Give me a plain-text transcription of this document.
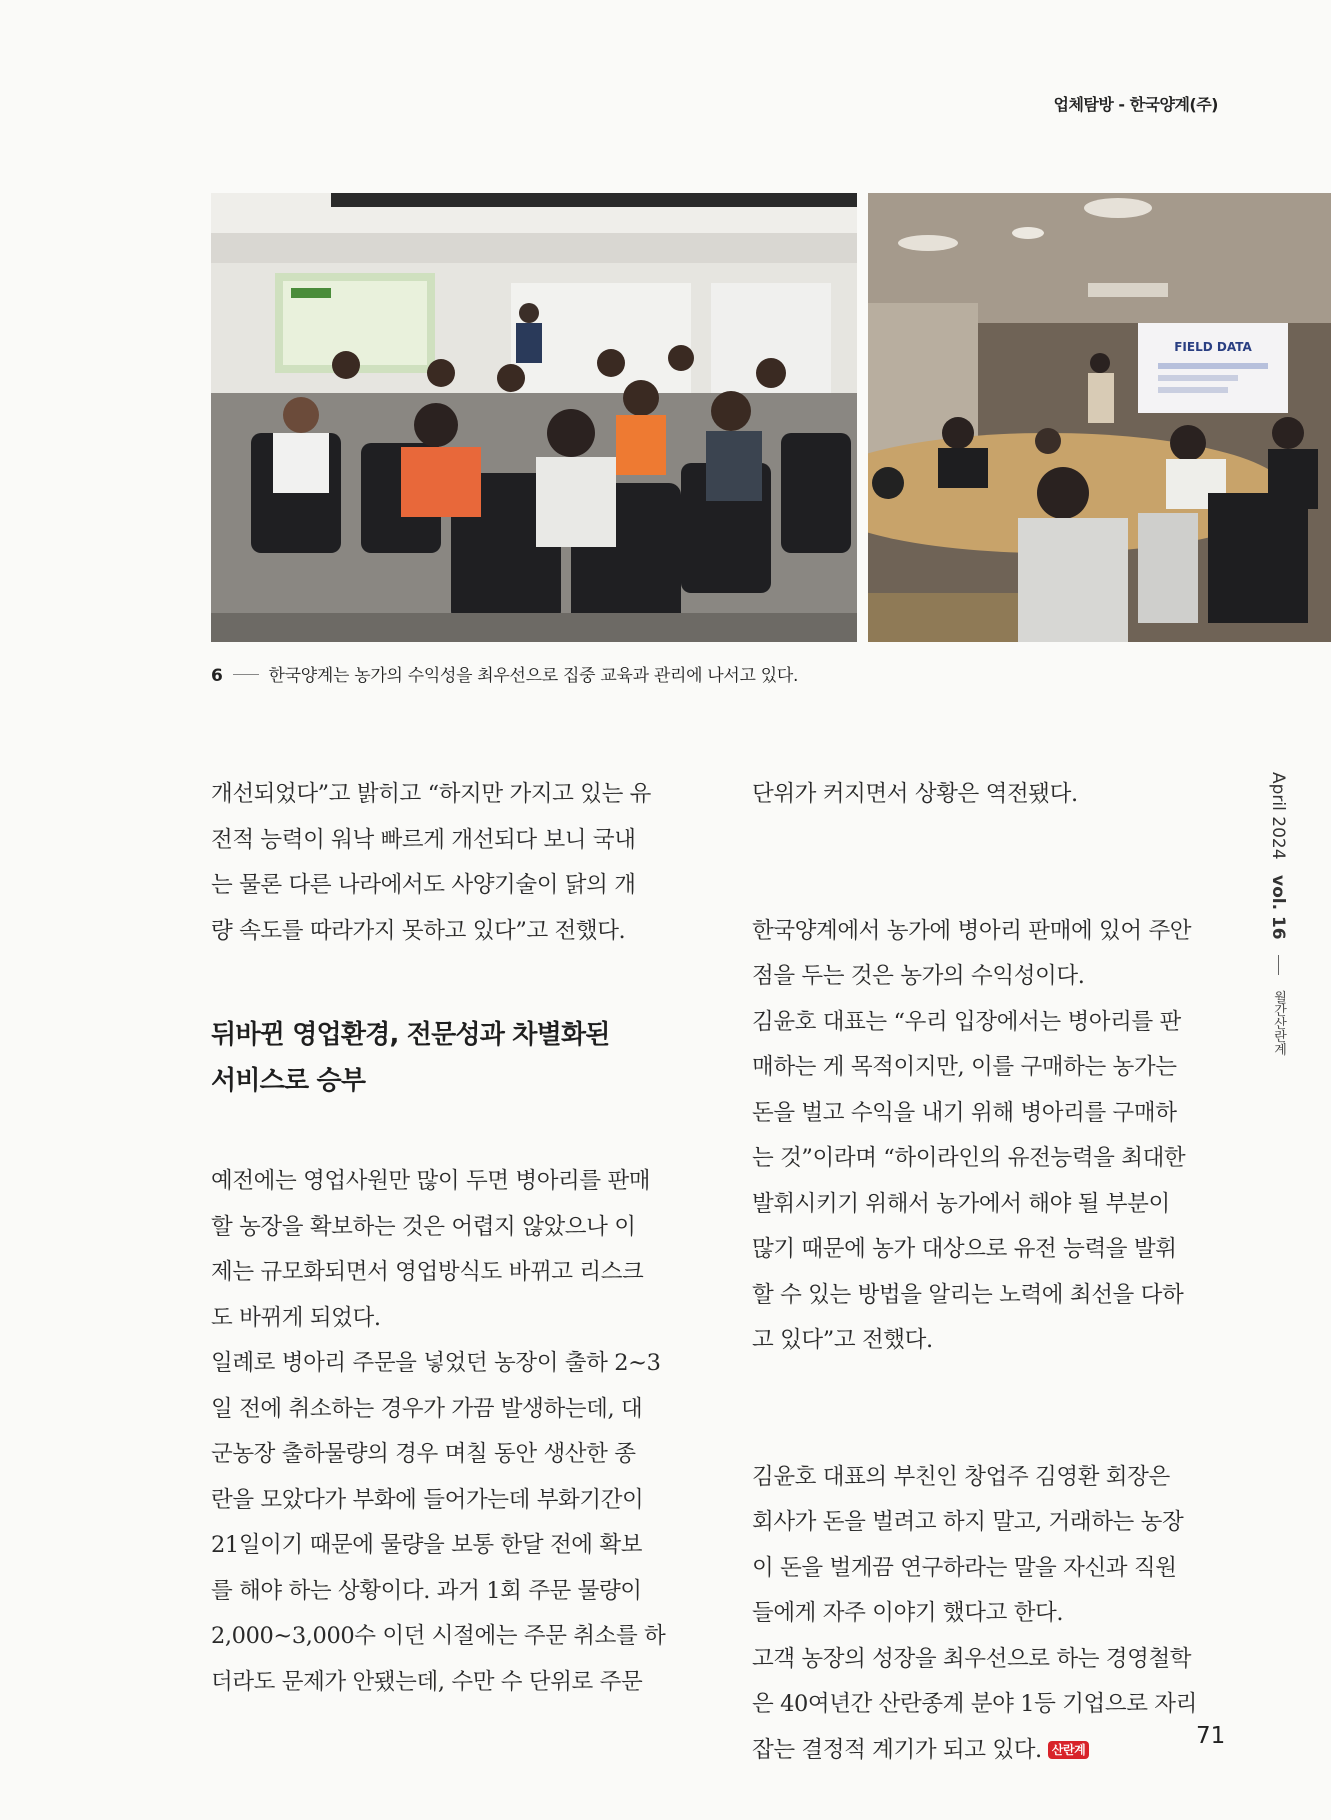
업체탐방 - 한국양계(주)
FIELD DATA
6	한국양계는 농가의 수익성을 최우선으로 집중 교육과 관리에 나서고 있다.

개선되었다”고 밝히고 “하지만 가지고 있는 유

전적 능력이 워낙 빠르게 개선되다 보니 국내

는 물론 다른 나라에서도 사양기술이 닭의 개

량 속도를 따라가지 못하고 있다”고 전했다.

뒤바뀐 영업환경, 전문성과 차별화된
서비스로 승부

예전에는 영업사원만 많이 두면 병아리를 판매

할 농장을 확보하는 것은 어렵지 않았으나 이

제는 규모화되면서 영업방식도 바뀌고 리스크

도 바뀌게 되었다.

일례로 병아리 주문을 넣었던 농장이 출하 2~3

일 전에 취소하는 경우가 가끔 발생하는데, 대

군농장 출하물량의 경우 며칠 동안 생산한 종

란을 모았다가 부화에 들어가는데 부화기간이

21일이기 때문에 물량을 보통 한달 전에 확보

를 해야 하는 상황이다. 과거 1회 주문 물량이

2,000~3,000수 이던 시절에는 주문 취소를 하

더라도 문제가 안됐는데, 수만 수 단위로 주문

단위가 커지면서 상황은 역전됐다.

한국양계에서 농가에 병아리 판매에 있어 주안

점을 두는 것은 농가의 수익성이다.

김윤호 대표는 “우리 입장에서는 병아리를 판

매하는 게 목적이지만, 이를 구매하는 농가는

돈을 벌고 수익을 내기 위해 병아리를 구매하

는 것”이라며 “하이라인의 유전능력을 최대한

발휘시키기 위해서 농가에서 해야 될 부분이

많기 때문에 농가 대상으로 유전 능력을 발휘

할 수 있는 방법을 알리는 노력에 최선을 다하

고 있다”고 전했다.

김윤호 대표의 부친인 창업주 김영환 회장은

회사가 돈을 벌려고 하지 말고, 거래하는 농장

이 돈을 벌게끔 연구하라는 말을 자신과 직원

들에게 자주 이야기 했다고 한다.

고객 농장의 성장을 최우선으로 하는 경영철학

은 40여년간 산란종계 분야 1등 기업으로 자리

잡는 결정적 계기가 되고 있다. 산란계

April 2024 vol. 16  월간산란계
71
